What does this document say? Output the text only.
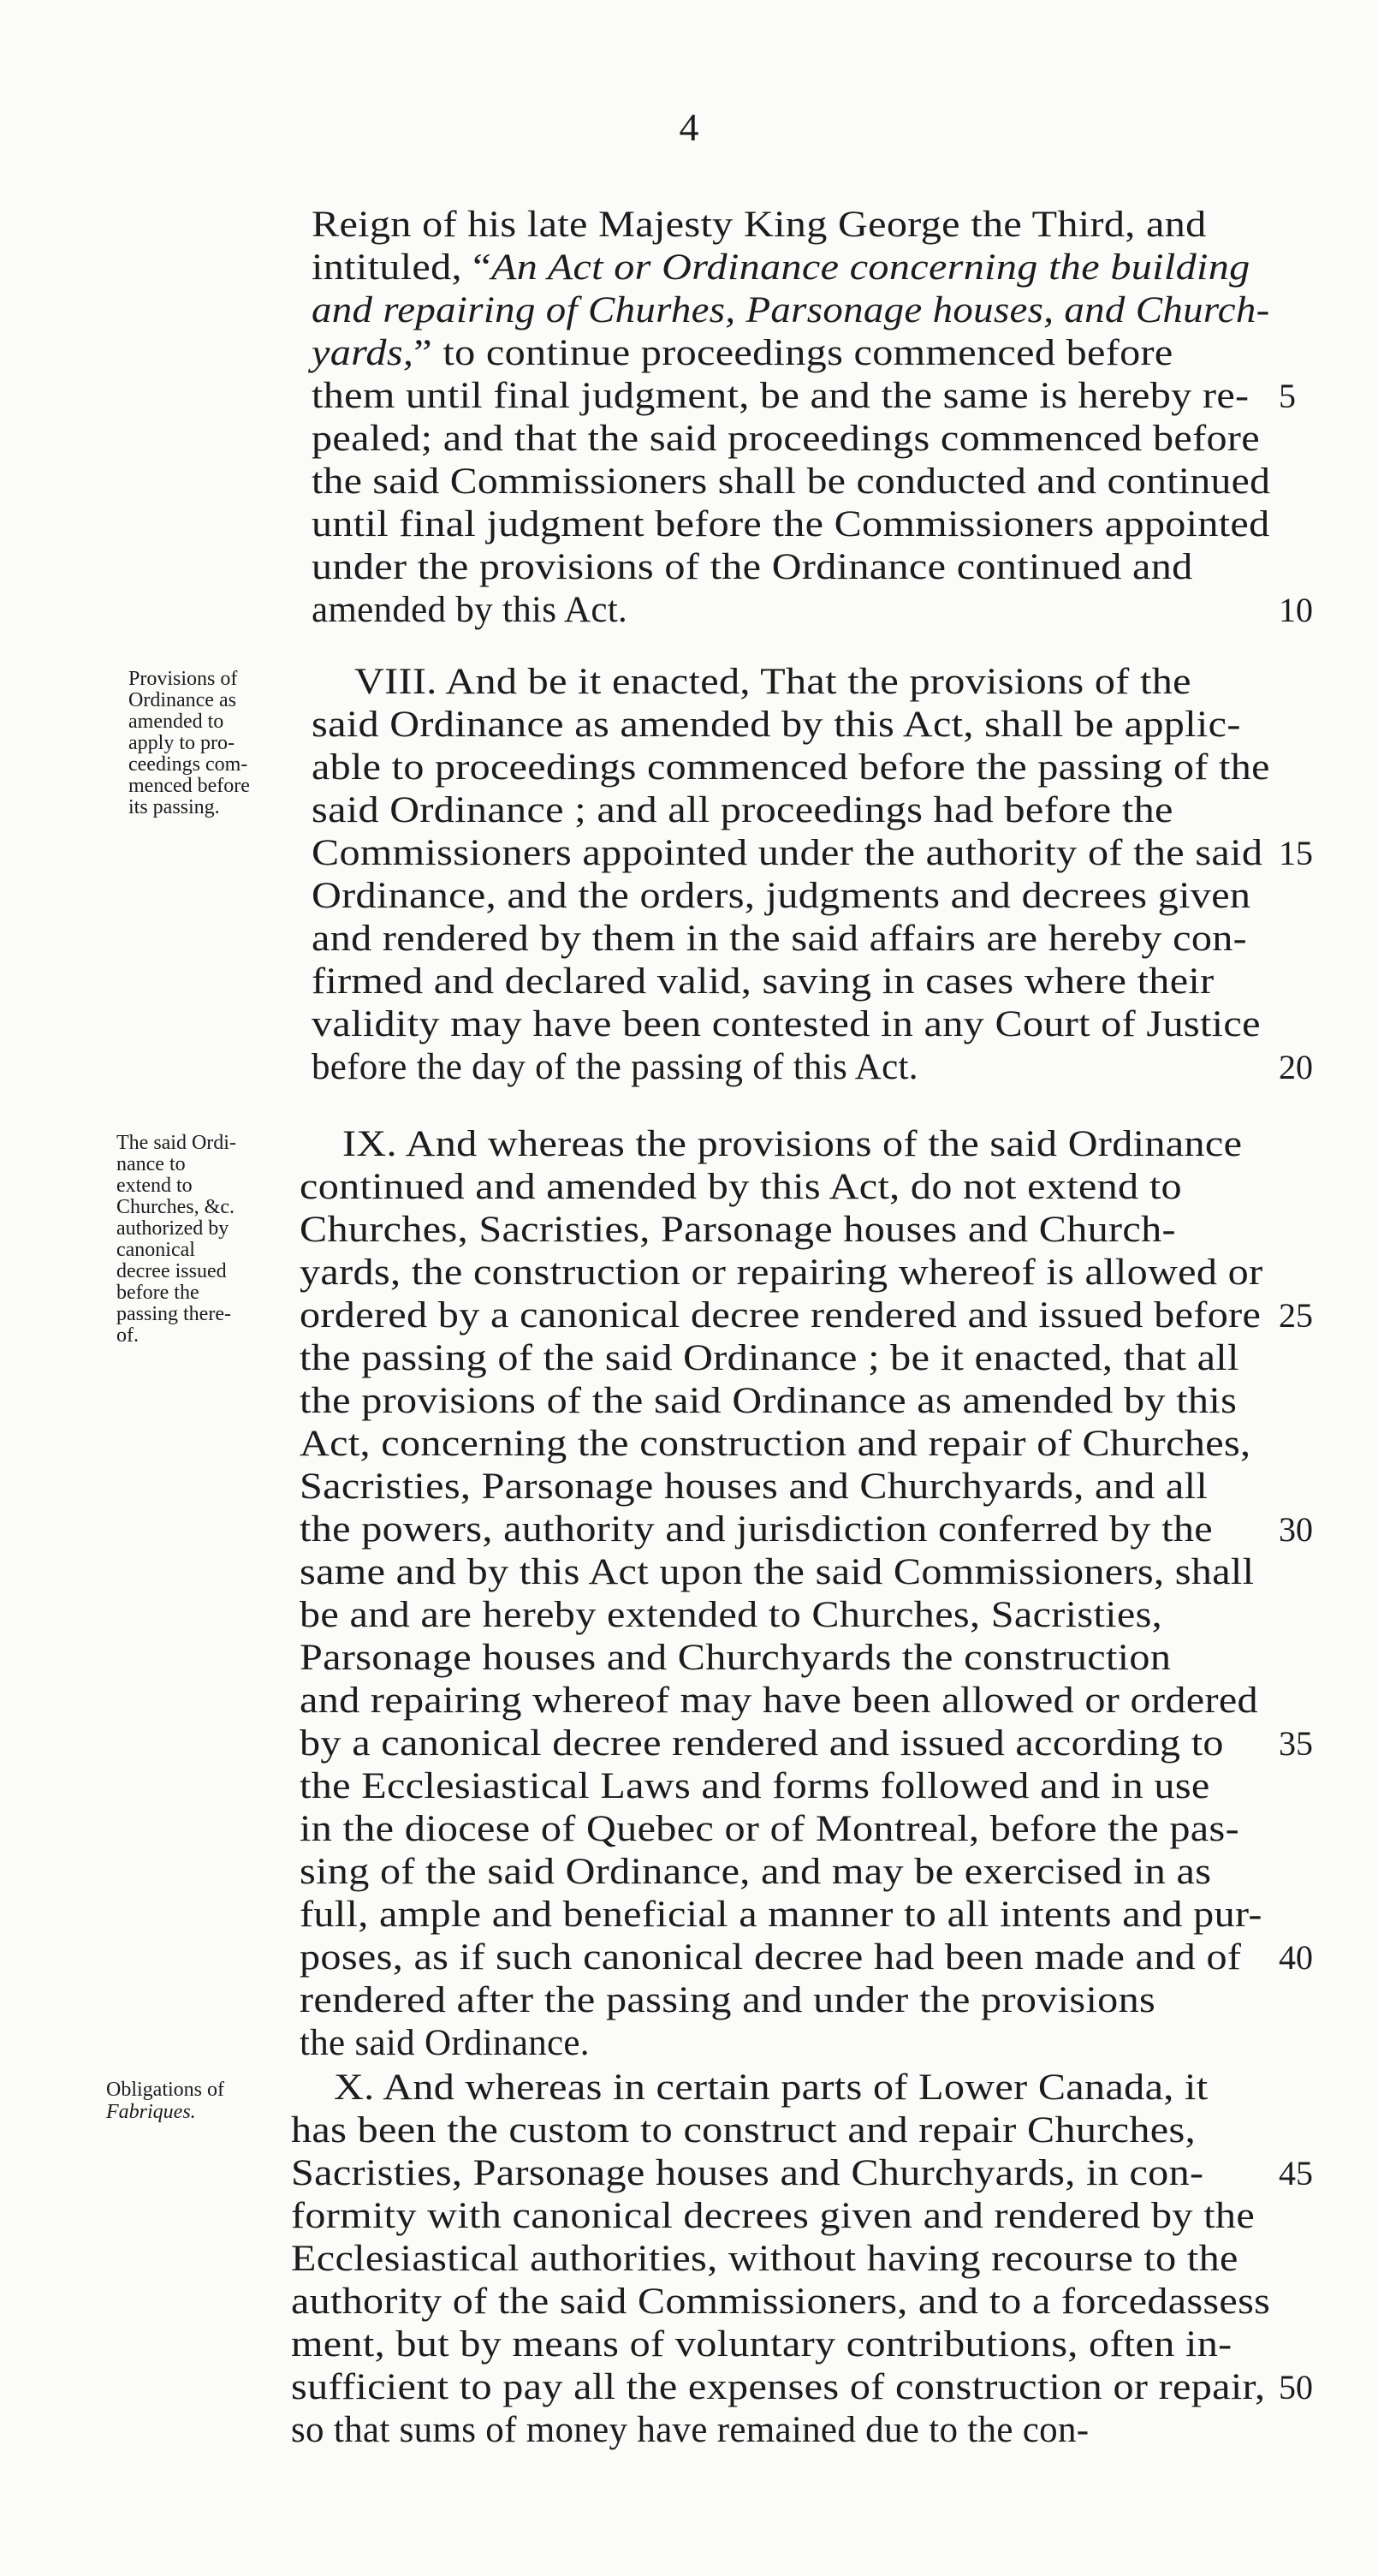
4
Reign of his late Majesty King George the Third, and
intituled, “An Act or Ordinance concerning the building
and repairing of Churhes, Parsonage houses, and Church-
yards,” to continue proceedings commenced before
them until final judgment, be and the same is hereby re-
pealed; and that the said proceedings commenced before
the said Commissioners shall be conducted and continued
until final judgment before the Commissioners appointed
under the provisions of the Ordinance continued and
amended by this Act.
5
10
VIII. And be it enacted, That the provisions of the
said Ordinance as amended by this Act, shall be applic-
able to proceedings commenced before the passing of the
said Ordinance ; and all proceedings had before the
Commissioners appointed under the authority of the said
Ordinance, and the orders, judgments and decrees given
and rendered by them in the said affairs are hereby con-
firmed and declared valid, saving in cases where their
validity may have been contested in any Court of Justice
before the day of the passing of this Act.
15
20
Provisions of
Ordinance as
amended to
apply to pro-
ceedings com-
menced before
its passing.
IX. And whereas the provisions of the said Ordinance
continued and amended by this Act, do not extend to
Churches, Sacristies, Parsonage houses and Church-
yards, the construction or repairing whereof is allowed or
ordered by a canonical decree rendered and issued before
the passing of the said Ordinance ; be it enacted, that all
the provisions of the said Ordinance as amended by this
Act, concerning the construction and repair of Churches,
Sacristies, Parsonage houses and Churchyards, and all
the powers, authority and jurisdiction conferred by the
same and by this Act upon the said Commissioners, shall
be and are hereby extended to Churches, Sacristies,
Parsonage houses and Churchyards the construction
and repairing whereof may have been allowed or ordered
by a canonical decree rendered and issued according to
the Ecclesiastical Laws and forms followed and in use
in the diocese of Quebec or of Montreal, before the pas-
sing of the said Ordinance, and may be exercised in as
full, ample and beneficial a manner to all intents and pur-
poses, as if such canonical decree had been made and of
rendered after the passing and under the provisions
the said Ordinance.
25
30
35
40
The said Ordi-
nance to
extend to
Churches, &c.
authorized by
canonical
decree issued
before the
passing there-
of.
X. And whereas in certain parts of Lower Canada, it
has been the custom to construct and repair Churches,
Sacristies, Parsonage houses and Churchyards, in con-
formity with canonical decrees given and rendered by the
Ecclesiastical authorities, without having recourse to the
authority of the said Commissioners, and to a forcedassess
ment, but by means of voluntary contributions, often in-
sufficient to pay all the expenses of construction or repair,
so that sums of money have remained due to the con-
45
50
Obligations of
Fabriques.
